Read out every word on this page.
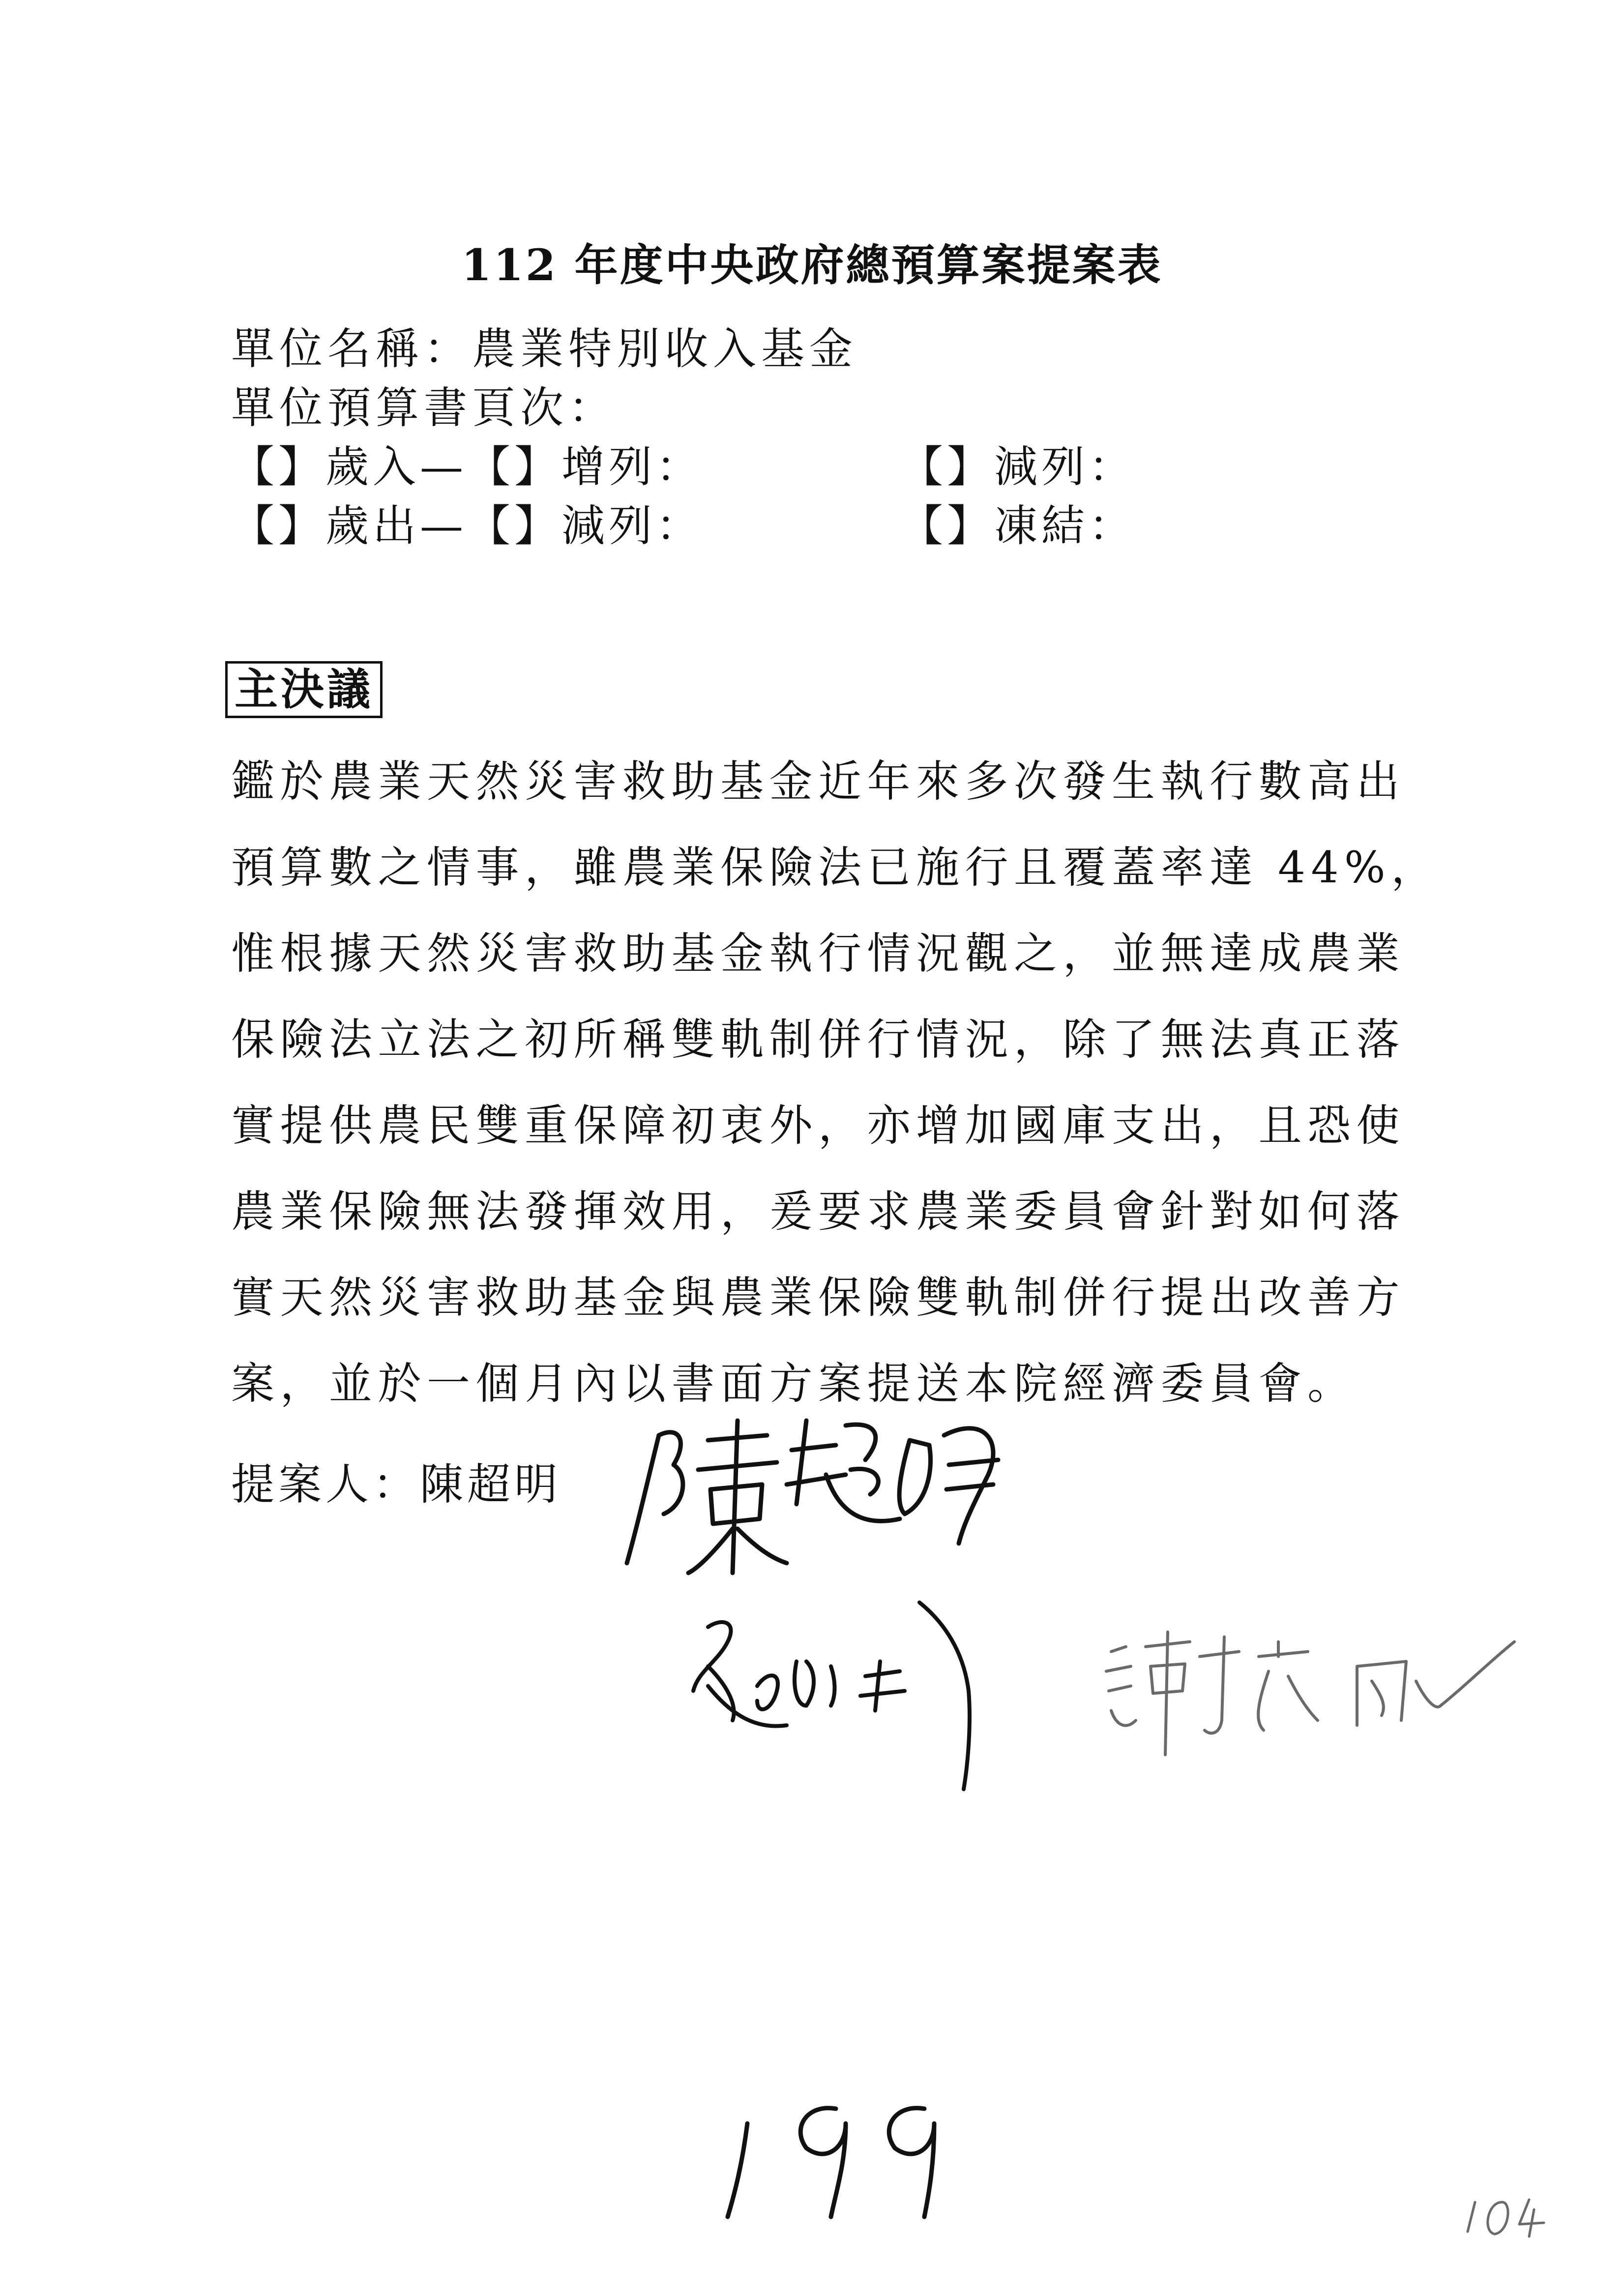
112 年度中央政府總預算案提案表
單位名稱：農業特別收入基金
單位預算書頁次：
【】歲入—【】增列：	【】減列：
【】歲出—【】減列：	【】凍結：
主決議
鑑於農業天然災害救助基金近年來多次發生執行數高出
預算數之情事，雖農業保險法已施行且覆蓋率達 44%，
惟根據天然災害救助基金執行情況觀之，並無達成農業
保險法立法之初所稱雙軌制併行情況，除了無法真正落
實提供農民雙重保障初衷外，亦增加國庫支出，且恐使
農業保險無法發揮效用，爰要求農業委員會針對如何落
實天然災害救助基金與農業保險雙軌制併行提出改善方
案，並於一個月內以書面方案提送本院經濟委員會。
提案人：陳超明
